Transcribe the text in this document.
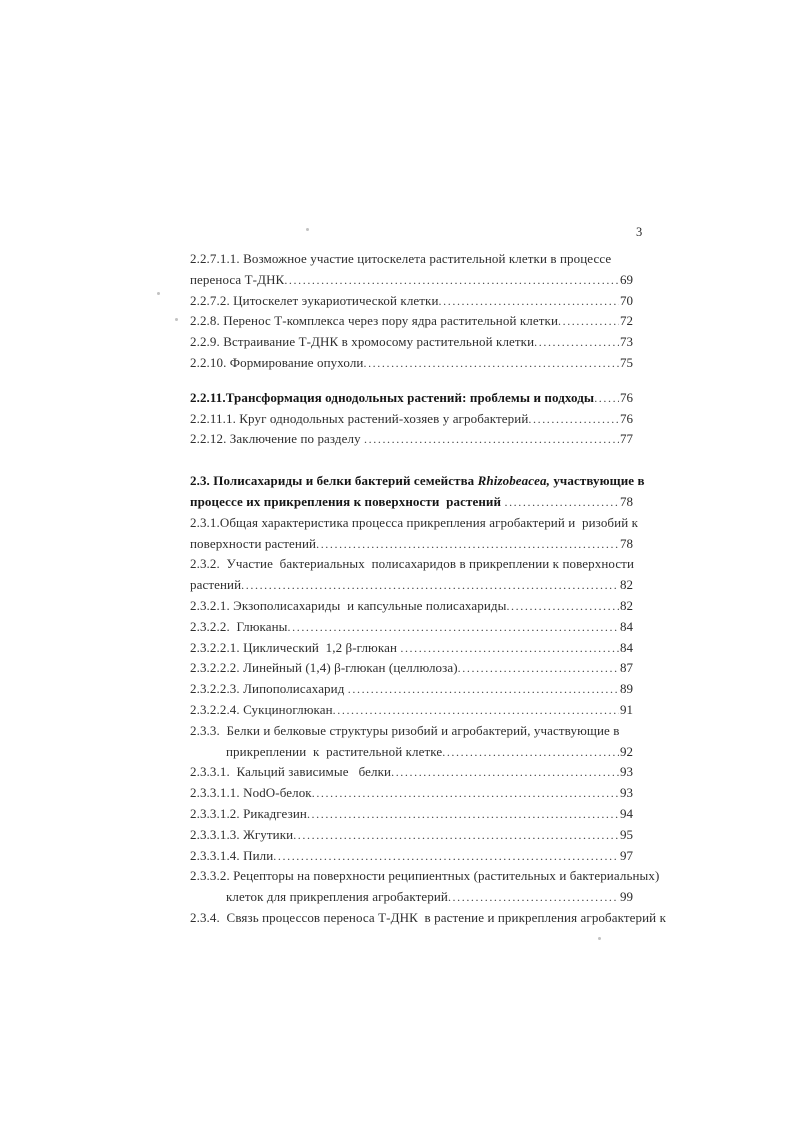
3
2.2.7.1.1. Возможное участие цитоскелета растительной клетки в процессе
переноса Т-ДНК .....	69
2.2.7.2. Цитоскелет эукариотической клетки .....	70
2.2.8. Перенос Т-комплекса через пору ядра растительной клетки .....	72
2.2.9. Встраивание Т-ДНК в хромосому растительной клетки .....	73
2.2.10. Формирование опухоли .....	75
2.2.11.Трансформация однодольных растений: проблемы и подходы ..... 76
2.2.11.1. Круг однодольных растений-хозяев у агробактерий .....	76
2.2.12. Заключение по разделу .....	77
2.3. Полисахариды и белки бактерий семейства Rhizobeacea, участвующие в
процессе их прикрепления к поверхности  растений .....	78
2.3.1.Общая характеристика процесса прикрепления агробактерий и  ризобий к
поверхности растений .....	78
2.3.2.  Участие  бактериальных  полисахаридов в прикреплении к поверхности
растений .....	82
2.3.2.1. Экзополисахариды  и капсульные полисахариды .....	82
2.3.2.2.  Глюканы .....	84
2.3.2.2.1. Циклический  1,2 β-глюкан .....	84
2.3.2.2.2. Линейный (1,4) β-глюкан (целлюлоза) .....	87
2.3.2.2.3. Липополисахарид .....	89
2.3.2.2.4. Сукциноглюкан .....	91
2.3.3.  Белки и белковые структуры ризобий и агробактерий, участвующие в
прикреплении  к  растительной клетке .....	92
2.3.3.1.  Кальций зависимые   белки .....	93
2.3.3.1.1. NodO-белок .....	93
2.3.3.1.2. Рикадгезин .....	94
2.3.3.1.3. Жгутики .....	95
2.3.3.1.4. Пили .....	97
2.3.3.2. Рецепторы на поверхности реципиентных (растительных и бактериальных)
клеток для прикрепления агробактерий .....	99
2.3.4.  Связь процессов переноса Т-ДНК  в растение и прикрепления агробактерий к
